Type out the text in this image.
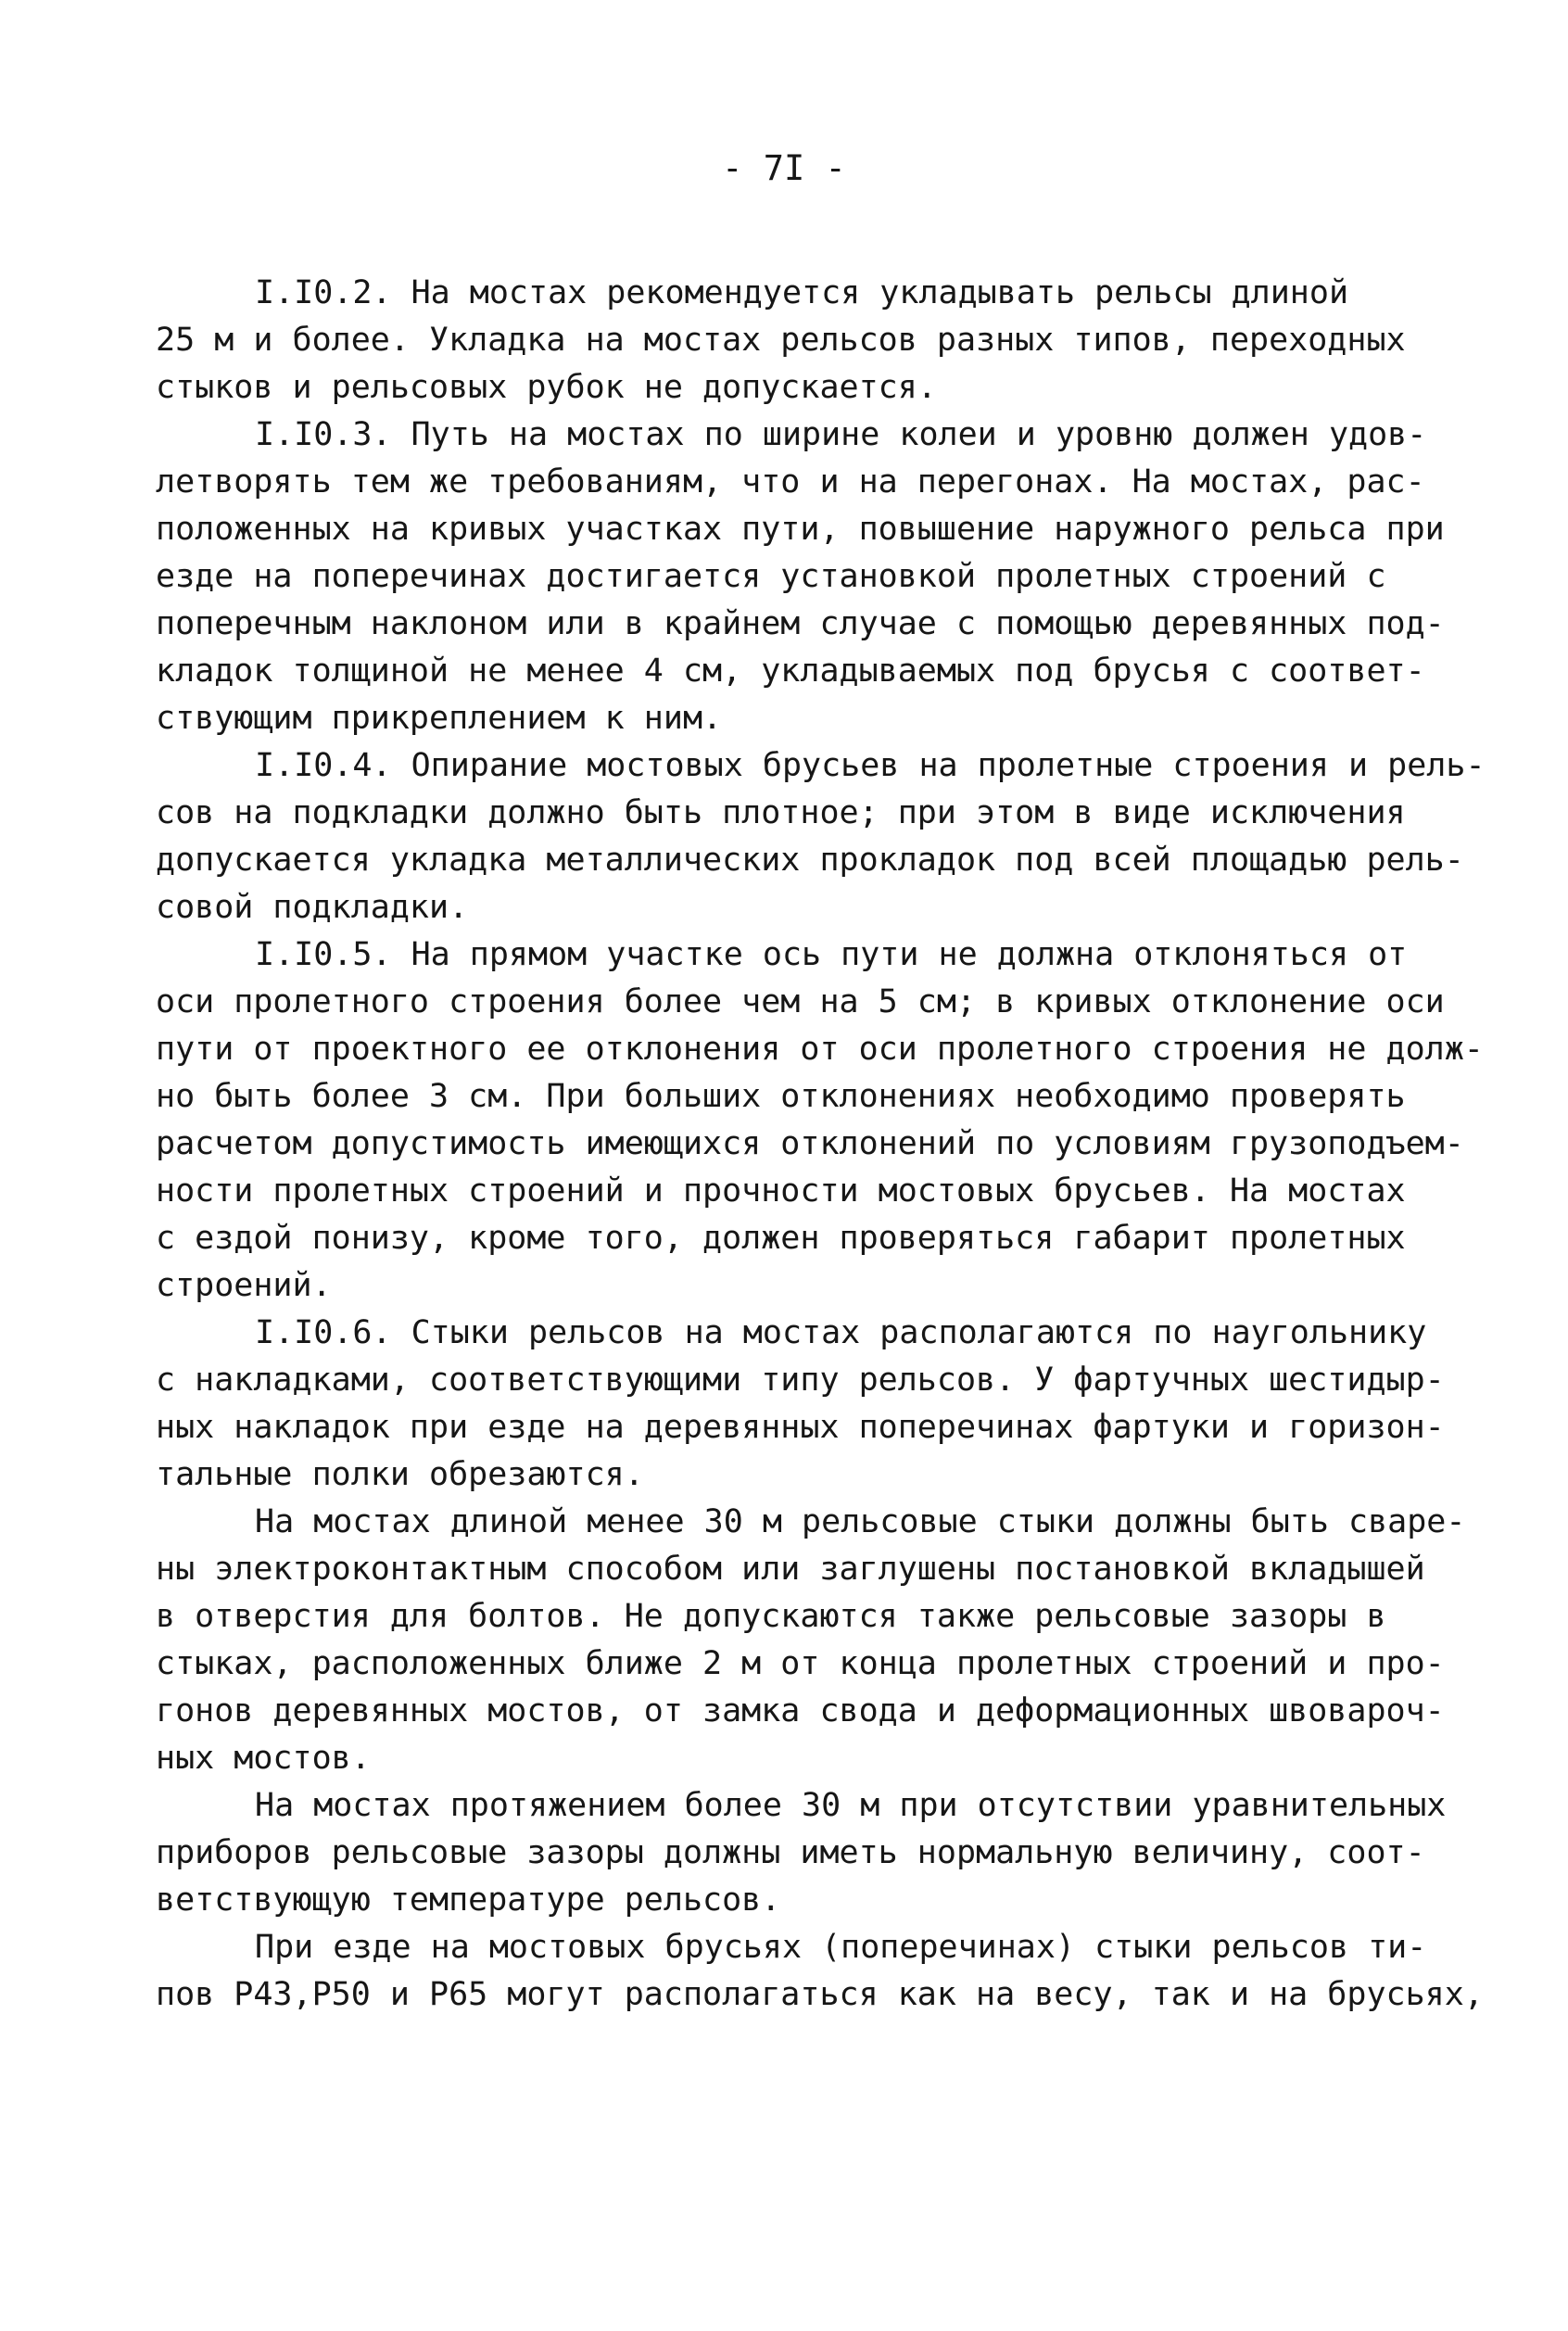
- 7I -
I.I0.2. На мостах рекомендуется укладывать рельсы длиной
25 м и более. Укладка на мостах рельсов разных типов, переходных
стыков и рельсовых рубок не допускается.
I.I0.3. Путь на мостах по ширине колеи и уровню должен удов-
летворять тем же требованиям, что и на перегонах. На мостах, рас-
положенных на кривых участках пути, повышение наружного рельса при
езде на поперечинах достигается установкой пролетных строений с
поперечным наклоном или в крайнем случае с помощью деревянных под-
кладок толщиной не менее 4 см, укладываемых под брусья с соответ-
ствующим прикреплением к ним.
I.I0.4. Опирание мостовых брусьев на пролетные строения и рель-
сов на подкладки должно быть плотное; при этом в виде исключения
допускается укладка металлических прокладок под всей площадью рель-
совой подкладки.
I.I0.5. На прямом участке ось пути не должна отклоняться от
оси пролетного строения более чем на 5 см; в кривых отклонение оси
пути от проектного ее отклонения от оси пролетного строения не долж-
но быть более 3 см. При больших отклонениях необходимо проверять
расчетом допустимость имеющихся отклонений по условиям грузоподъем-
ности пролетных строений и прочности мостовых брусьев. На мостах
с ездой понизу, кроме того, должен проверяться габарит пролетных
строений.
I.I0.6. Стыки рельсов на мостах располагаются по наугольнику
с накладками, соответствующими типу рельсов. У фартучных шестидыр-
ных накладок при езде на деревянных поперечинах фартуки и горизон-
тальные полки обрезаются.
На мостах длиной менее 30 м рельсовые стыки должны быть сваре-
ны электроконтактным способом или заглушены постановкой вкладышей
в отверстия для болтов. Не допускаются также рельсовые зазоры в
стыках, расположенных ближе 2 м от конца пролетных строений и про-
гонов деревянных мостов, от замка свода и деформационных швовароч-
ных мостов.
На мостах протяжением более 30 м при отсутствии уравнительных
приборов рельсовые зазоры должны иметь нормальную величину, соот-
ветствующую температуре рельсов.
При езде на мостовых брусьях (поперечинах) стыки рельсов ти-
пов Р43,Р50 и Р65 могут располагаться как на весу, так и на брусьях,
